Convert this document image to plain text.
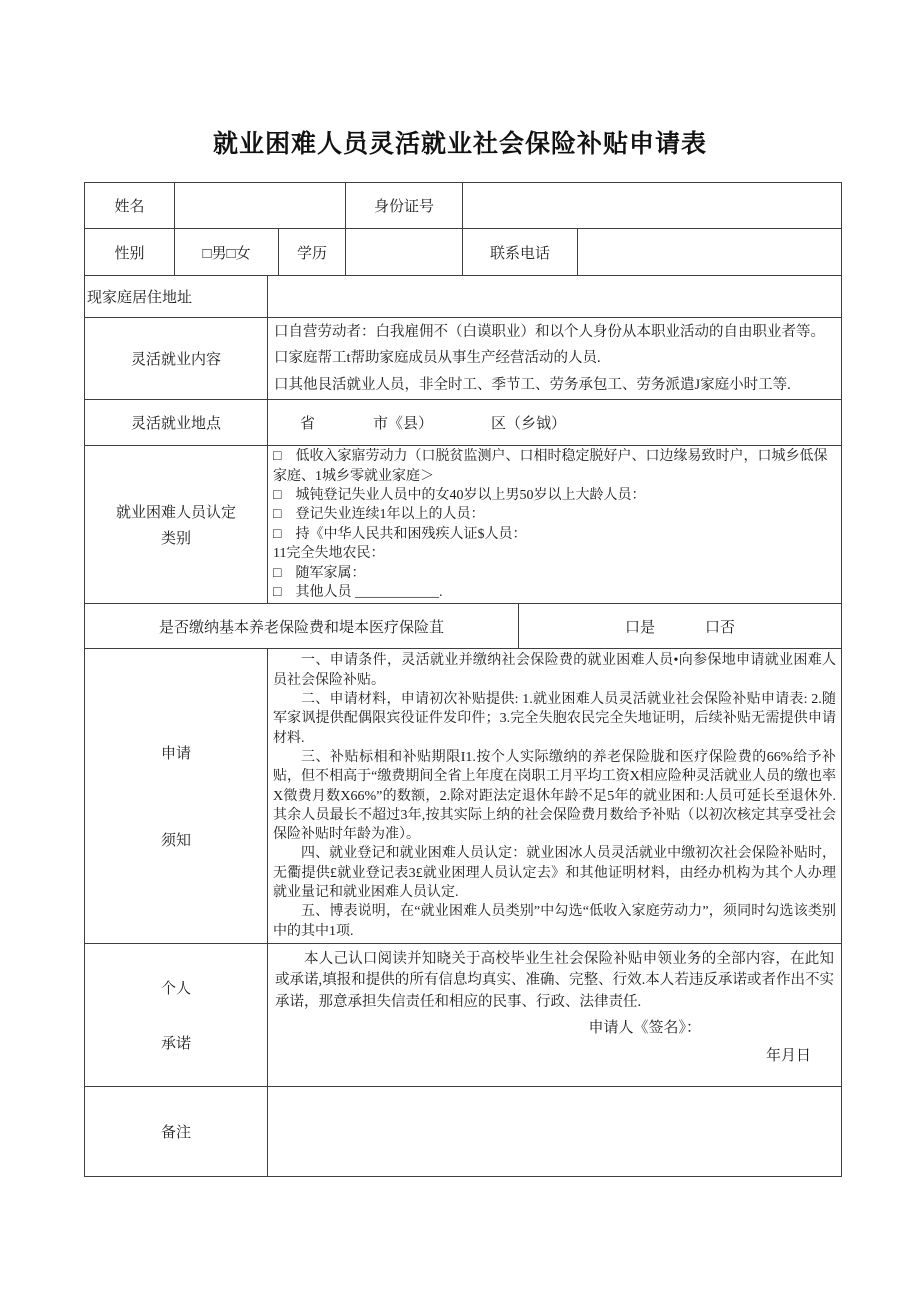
就业困难人员灵活就业社会保险补贴申请表
姓名				身份证号			
性别	□男□女		学历		联系电话		
现家庭居住地址							
灵活就业内容		口自营劳动者：白我雇佣不（白谟职业）和以个人身份从本职业活动的自由职业者等。

口家庭帮工t帮助家庭成员从事生产经营活动的人员.

口其他艮活就业人员，非全时工、季节工、劳务承包工、劳务派遣J家庭小时工等.					

灵活就业地点		省 市《县） 区（乡钺）					

就业困难人员认定
类别

□　低收入家寤劳动力（口脱贫监测户、口相时稳定脱好户、口边缘易致时户，口城乡低保家庭、1城乡零就业家庭＞

□　城钝登记失业人员中的女40岁以上男50岁以上大龄人员：

□　登记失业连续1年以上的人员：

□　持《中华人民共和困残疾人证$人员：

11完全失地农民：

□　随军家属：

□　其他人员 ____________.

是否缴纳基本养老保险费和堤本医疗保险苴						口是 口否	

申请
须知

一、申请条件，灵活就业并缴纳社会保险费的就业困难人员•向参保地申请就业困难人员社会保险补贴。

二、申请材料，申请初次补贴提供: 1.就业困难人员灵活就业社会保险补贴申请表: 2.随军家讽提供配偶限宾役证件发印件；3.完全失胞农民完全失地证明，后续补贴无需提供申请材料.

三、补贴标相和补贴期限I1.按个人实际缴纳的养老保险胧和医疗保险费的66%给予补贴，但不相高于“缴费期间全省上年度在岗职工月平均工资X相应险种灵活就业人员的缴也率X徵费月数X66%”的数额，2.除对距法定退休年龄不足5年的就业困和:人员可延长至退休外.其余人员最长不超过3年,按其实际上纳的社会保险费月数给予补贴（以初次核定其享受社会保险补贴时年龄为准）。

四、就业登记和就业困难人员认定：就业困冰人员灵活就业中缴初次社会保险补贴时，无衢提供£就业登记表3£就业困理人员认定去》和其他证明材料，由经办机构为其个人办理就业量记和就业困难人员认定.

五、博表说明，在“就业困难人员类别”中勾选“低收入家庭劳动力”，须同时勾选该类别中的其中1项.

个人
承诺

本人己认口阅读并知晓关于高校毕业生社会保险补贴申领业务的全部内容，在此知或承诺,填报和提供的所有信息均真实、准确、完整、行效.本人若违反承诺或者作出不实承诺，那意承担失信责任和相应的民事、行政、法律责任.

申请人《签名》：
年月日

备注							
